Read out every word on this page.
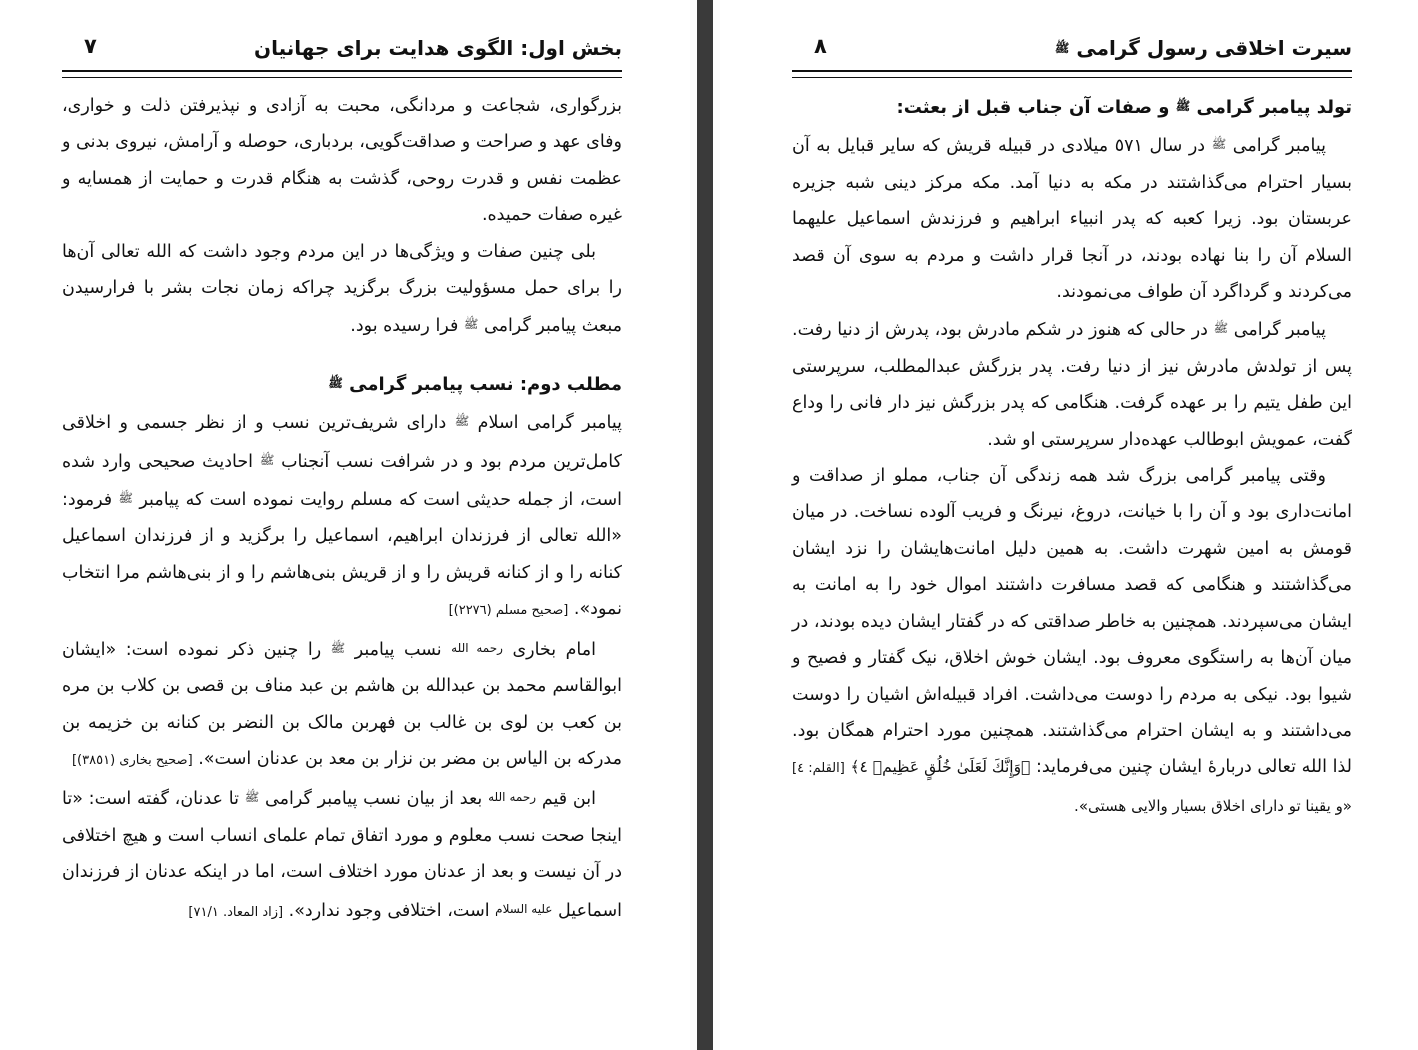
بخش اول: الگوی هدایت برای جهانیان
٧

بزرگواری، شجاعت و مردانگی، محبت به آزادی و نپذیرفتن ذلت و خواری، وفای عهد و صراحت و صداقت‌گویی، بردباری، حوصله و آرامش، نیروی بدنی و عظمت نفس و قدرت روحی، گذشت به هنگام قدرت و حمایت از همسایه و غیره صفات حمیده.

بلی چنین صفات و ویژگی‌ها در این مردم وجود داشت که الله تعالی آن‌ها را برای حمل مسؤولیت بزرگ برگزید چراکه زمان نجات بشر با فرارسیدن مبعث پیامبر گرامی ﷺ فرا رسیده بود.

مطلب دوم: نسب پیامبر گرامی ﷺ

پیامبر گرامی اسلام ﷺ دارای شریف‌ترین نسب و از نظر جسمی و اخلاقی کامل‌ترین مردم بود و در شرافت نسب آنجناب ﷺ احادیث صحیحی وارد شده است، از جمله حدیثی است که مسلم روایت نموده است که پیامبر ﷺ فرمود: «الله تعالی از فرزندان ابراهیم، اسماعیل را برگزید و از فرزندان اسماعیل کنانه را و از کنانه قریش را و از قریش بنی‌هاشم را و از بنی‌هاشم مرا انتخاب نمود». [صحیح مسلم (٢٢٧٦)]

امام بخاری رحمه الله نسب پیامبر ﷺ را چنین ذکر نموده است: «ایشان ابوالقاسم محمد بن عبدالله بن هاشم بن عبد مناف بن قصی بن کلاب بن مره بن کعب بن لوی بن غالب بن فهربن مالک بن النضر بن کنانه بن خزیمه بن مدرکه بن الیاس بن مضر بن نزار بن معد بن عدنان است». [صحیح بخاری (٣٨٥١)]

ابن قیم رحمه الله بعد از بیان نسب پیامبر گرامی ﷺ تا عدنان، گفته است: «تا اینجا صحت نسب معلوم و مورد اتفاق تمام علمای انساب است و هیچ اختلافی در آن نیست و بعد از عدنان مورد اختلاف است، اما در اینکه عدنان از فرزندان اسماعیل عليه السلام است، اختلافی وجود ندارد». [زاد المعاد. ٧١/١]

سیرت اخلاقی رسول گرامی ﷺ
٨

تولد پیامبر گرامی ﷺ و صفات آن جناب قبل از بعثت:

پیامبر گرامی ﷺ در سال ٥٧١ میلادی در قبیله قریش که سایر قبایل به آن بسیار احترام می‌گذاشتند در مکه به دنیا آمد. مکه مرکز دینی شبه جزیره عربستان بود. زیرا کعبه که پدر انبیاء ابراهیم و فرزندش اسماعیل علیهما السلام آن را بنا نهاده بودند، در آنجا قرار داشت و مردم به سوی آن قصد می‌کردند و گرداگرد آن طواف می‌نمودند.

پیامبر گرامی ﷺ در حالی که هنوز در شکم مادرش بود، پدرش از دنیا رفت. پس از تولدش مادرش نیز از دنیا رفت. پدر بزرگش عبدالمطلب، سرپرستی این طفل یتیم را بر عهده گرفت. هنگامی که پدر بزرگش نیز دار فانی را وداع گفت، عمویش ابوطالب عهده‌دار سرپرستی او شد.

وقتی پیامبر گرامی بزرگ شد همه زندگی آن جناب، مملو از صداقت و امانت‌داری بود و آن را با خیانت، دروغ، نیرنگ و فریب آلوده نساخت. در میان قومش به امین شهرت داشت. به همین دلیل امانت‌هایشان را نزد ایشان می‌گذاشتند و هنگامی که قصد مسافرت داشتند اموال خود را به امانت به ایشان می‌سپردند. همچنین به خاطر صداقتی که در گفتار ایشان دیده بودند، در میان آن‌ها به راستگوی معروف بود. ایشان خوش اخلاق، نیک گفتار و فصیح و شیوا بود. نیکی به مردم را دوست می‌داشت. افراد قبیله‌اش اشیان را دوست می‌داشتند و به ایشان احترام می‌گذاشتند. همچنین مورد احترام همگان بود. لذا الله تعالی دربارهٔ ایشان چنین می‌فرماید: ﴿وَإِنَّكَ لَعَلَىٰ خُلُقٍ عَظِيمٖ ٤﴾ [القلم: ٤] «و یقینا تو دارای اخلاق بسیار والایی هستی».
